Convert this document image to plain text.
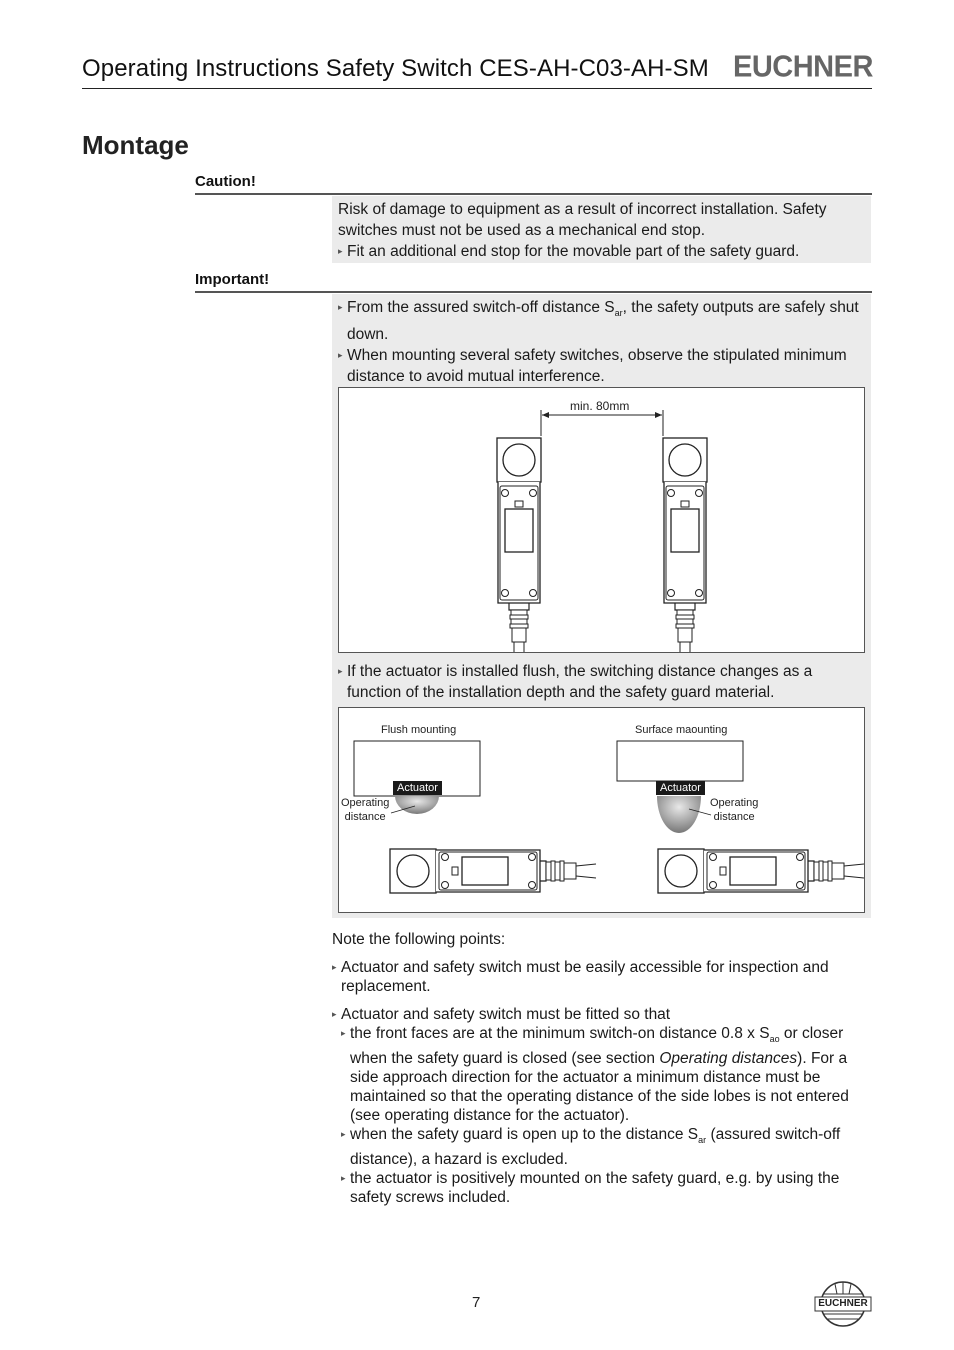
Operating Instructions Safety Switch CES-AH-C03-AH-SM EUCHNER
Montage
Caution!
Risk of damage to equipment as a result of incorrect installation. Safety switches must not be used as a mechanical end stop.
▸ Fit an additional end stop for the movable part of the safety guard.
Important!
▸ From the assured switch-off distance $S_{ar}$, the safety outputs are safely shut down.
▸ When mounting several safety switches, observe the stipulated minimum distance to avoid mutual interference.
min. 80mm
▸ If the actuator is installed flush, the switching distance changes as a function of the installation depth and the safety guard material.
Flush mounting	Surface maounting
Actuator	Actuator
Operating
distance
Operating
distance
Note the following points:
▸ Actuator and safety switch must be easily accessible for inspection and replacement.
▸ Actuator and safety switch must be fitted so that
▸ the front faces are at the minimum switch-on distance 0.8 x $S_{ao}$ or closer when the safety guard is closed (see section Operating distances). For a side approach direction for the actuator a minimum distance must be maintained so that the operating distance of the side lobes is not entered (see operating distance for the actuator).
▸ when the safety guard is open up to the distance $S_{ar}$ (assured switch-off distance), a hazard is excluded.
▸ the actuator is positively mounted on the safety guard, e.g. by using the safety screws included.
7	EUCHNER
